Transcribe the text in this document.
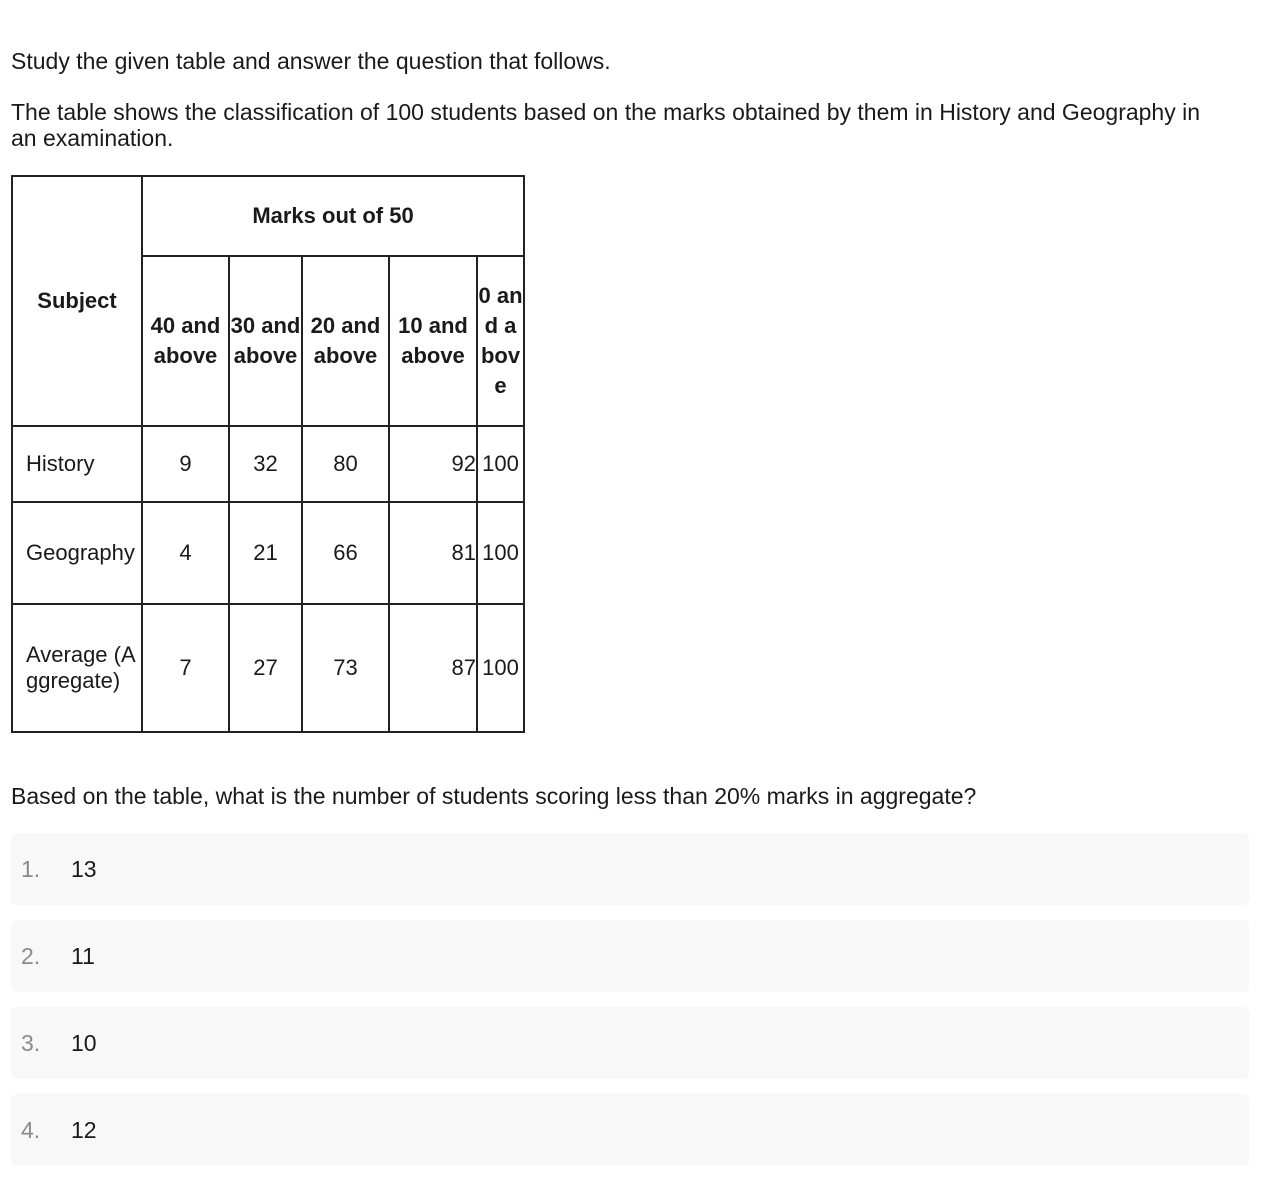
Study the given table and answer the question that follows.

The table shows the classification of 100 students based on the marks obtained by them in History and Geography in an examination.

Subject	Marks out of 50				
	40 and above	30 and above	20 and above	10 and above	0 and above
History	9	32	80	92	100
Geography	4	21	66	81	100
Average (Aggregate)	7	27	73	87	100

Based on the table, what is the number of students scoring less than 20% marks in aggregate?

1.	13
2.	11
3.	10
4.	12
